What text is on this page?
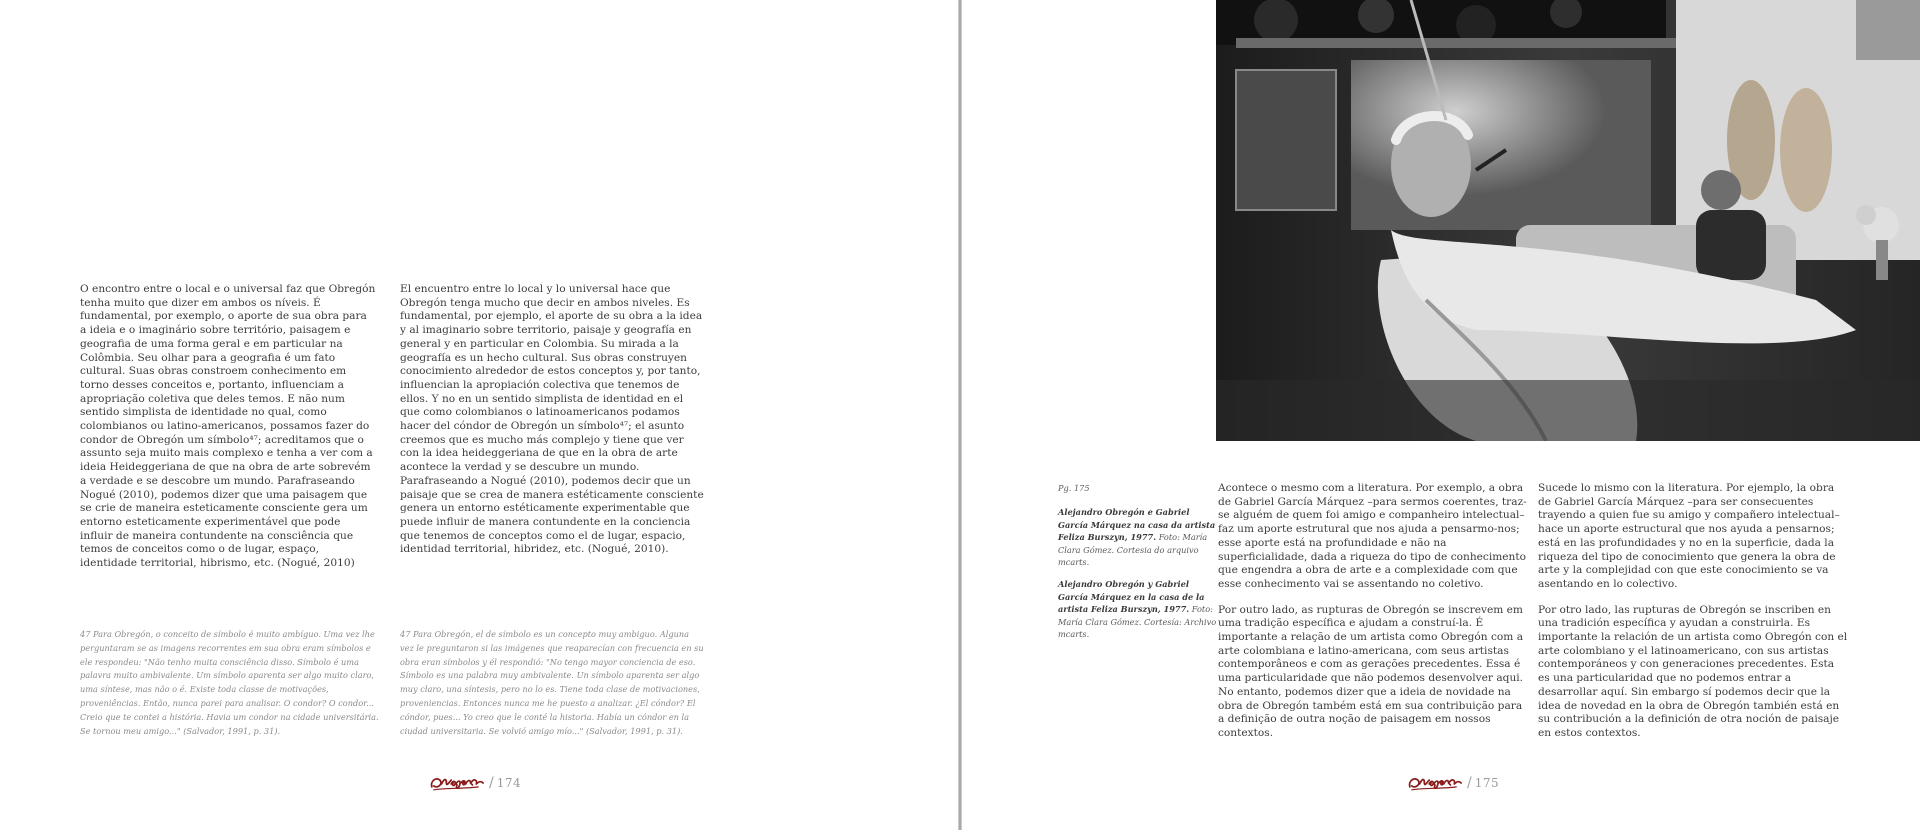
O encontro entre o local e o universal faz que Obregón tenha muito que dizer em ambos os níveis. É fundamental, por exemplo, o aporte de sua obra para a ideia e o imaginário sobre território, paisagem e geografia de uma forma geral e em particular na Colômbia. Seu olhar para a geografia é um fato cultural. Suas obras constroem conhecimento em torno desses conceitos e, portanto, influenciam a apropriação coletiva que deles temos. E não num sentido simplista de identidade no qual, como colombianos ou latino-americanos, possamos fazer do condor de Obregón um símbolo⁴⁷; acreditamos que o assunto seja muito mais complexo e tenha a ver com a ideia Heideggeriana de que na obra de arte sobrevém a verdade e se descobre um mundo. Parafraseando Nogué (2010), podemos dizer que uma paisagem que se crie de maneira esteticamente consciente gera um entorno esteticamente experimentável que pode influir de maneira contundente na consciência que temos de conceitos como o de lugar, espaço, identidade territorial, hibrismo, etc. (Nogué, 2010)

El encuentro entre lo local y lo universal hace que Obregón tenga mucho que decir en ambos niveles. Es fundamental, por ejemplo, el aporte de su obra a la idea y al imaginario sobre territorio, paisaje y geografía en general y en particular en Colombia. Su mirada a la geografía es un hecho cultural. Sus obras construyen conocimiento alrededor de estos conceptos y, por tanto, influencian la apropiación colectiva que tenemos de ellos. Y no en un sentido simplista de identidad en el que como colombianos o latinoamericanos podamos hacer del cóndor de Obregón un símbolo⁴⁷; el asunto creemos que es mucho más complejo y tiene que ver con la idea heideggeriana de que en la obra de arte acontece la verdad y se descubre un mundo. Parafraseando a Nogué (2010), podemos decir que un paisaje que se crea de manera estéticamente consciente genera un entorno estéticamente experimentable que puede influir de manera contundente en la conciencia que tenemos de conceptos como el de lugar, espacio, identidad territorial, hibridez, etc. (Nogué, 2010).

47 Para Obregón, o conceito de símbolo é muito ambíguo. Uma vez lhe perguntaram se as imagens recorrentes em sua obra eram símbolos e ele respondeu: "Não tenho muita consciência disso. Símbolo é uma palavra muito ambivalente. Um símbolo aparenta ser algo muito claro, uma síntese, mas não o é. Existe toda classe de motivações, proveniências. Então, nunca parei para analisar. O condor? O condor... Creio que te contei a história. Havia um condor na cidade universitária. Se tornou meu amigo..." (Salvador, 1991, p. 31).

47 Para Obregón, el de símbolo es un concepto muy ambiguo. Alguna vez le preguntaron si las imágenes que reaparecían con frecuencia en su obra eran símbolos y él respondió: "No tengo mayor conciencia de eso. Símbolo es una palabra muy ambivalente. Un símbolo aparenta ser algo muy claro, una síntesis, pero no lo es. Tiene toda clase de motivaciones, proveniencias. Entonces nunca me he puesto a analizar. ¿El cóndor? El cóndor, pues... Yo creo que le conté la historia. Había un cóndor en la ciudad universitaria. Se volvió amigo mío..." (Salvador, 1991, p. 31).

/ 174
Pg. 175
Alejandro Obregón e Gabriel García Márquez na casa da artista Feliza Burszyn, 1977. Foto: María Clara Gómez. Cortesia do arquivo mcarts.
Alejandro Obregón y Gabriel García Márquez en la casa de la artista Feliza Burszyn, 1977. Foto: María Clara Gómez. Cortesía: Archivo mcarts.

Acontece o mesmo com a literatura. Por exemplo, a obra de Gabriel García Márquez –para sermos coerentes, traz-se alguém de quem foi amigo e companheiro intelectual– faz um aporte estrutural que nos ajuda a pensarmo-nos; esse aporte está na profundidade e não na superficialidade, dada a riqueza do tipo de conhecimento que engendra a obra de arte e a complexidade com que esse conhecimento vai se assentando no coletivo.

Por outro lado, as rupturas de Obregón se inscrevem em uma tradição específica e ajudam a construí-la. É importante a relação de um artista como Obregón com a arte colombiana e latino-americana, com seus artistas contemporâneos e com as gerações precedentes. Essa é uma particularidade que não podemos desenvolver aqui. No entanto, podemos dizer que a ideia de novidade na obra de Obregón também está em sua contribuição para a definição de outra noção de paisagem em nossos contextos.

Sucede lo mismo con la literatura. Por ejemplo, la obra de Gabriel García Márquez –para ser consecuentes trayendo a quien fue su amigo y compañero intelectual– hace un aporte estructural que nos ayuda a pensarnos; está en las profundidades y no en la superficie, dada la riqueza del tipo de conocimiento que genera la obra de arte y la complejidad con que este conocimiento se va asentando en lo colectivo.

Por otro lado, las rupturas de Obregón se inscriben en una tradición específica y ayudan a construirla. Es importante la relación de un artista como Obregón con el arte colombiano y el latinoamericano, con sus artistas contemporáneos y con generaciones precedentes. Esta es una particularidad que no podemos entrar a desarrollar aquí. Sin embargo sí podemos decir que la idea de novedad en la obra de Obregón también está en su contribución a la definición de otra noción de paisaje en estos contextos.

/ 175
